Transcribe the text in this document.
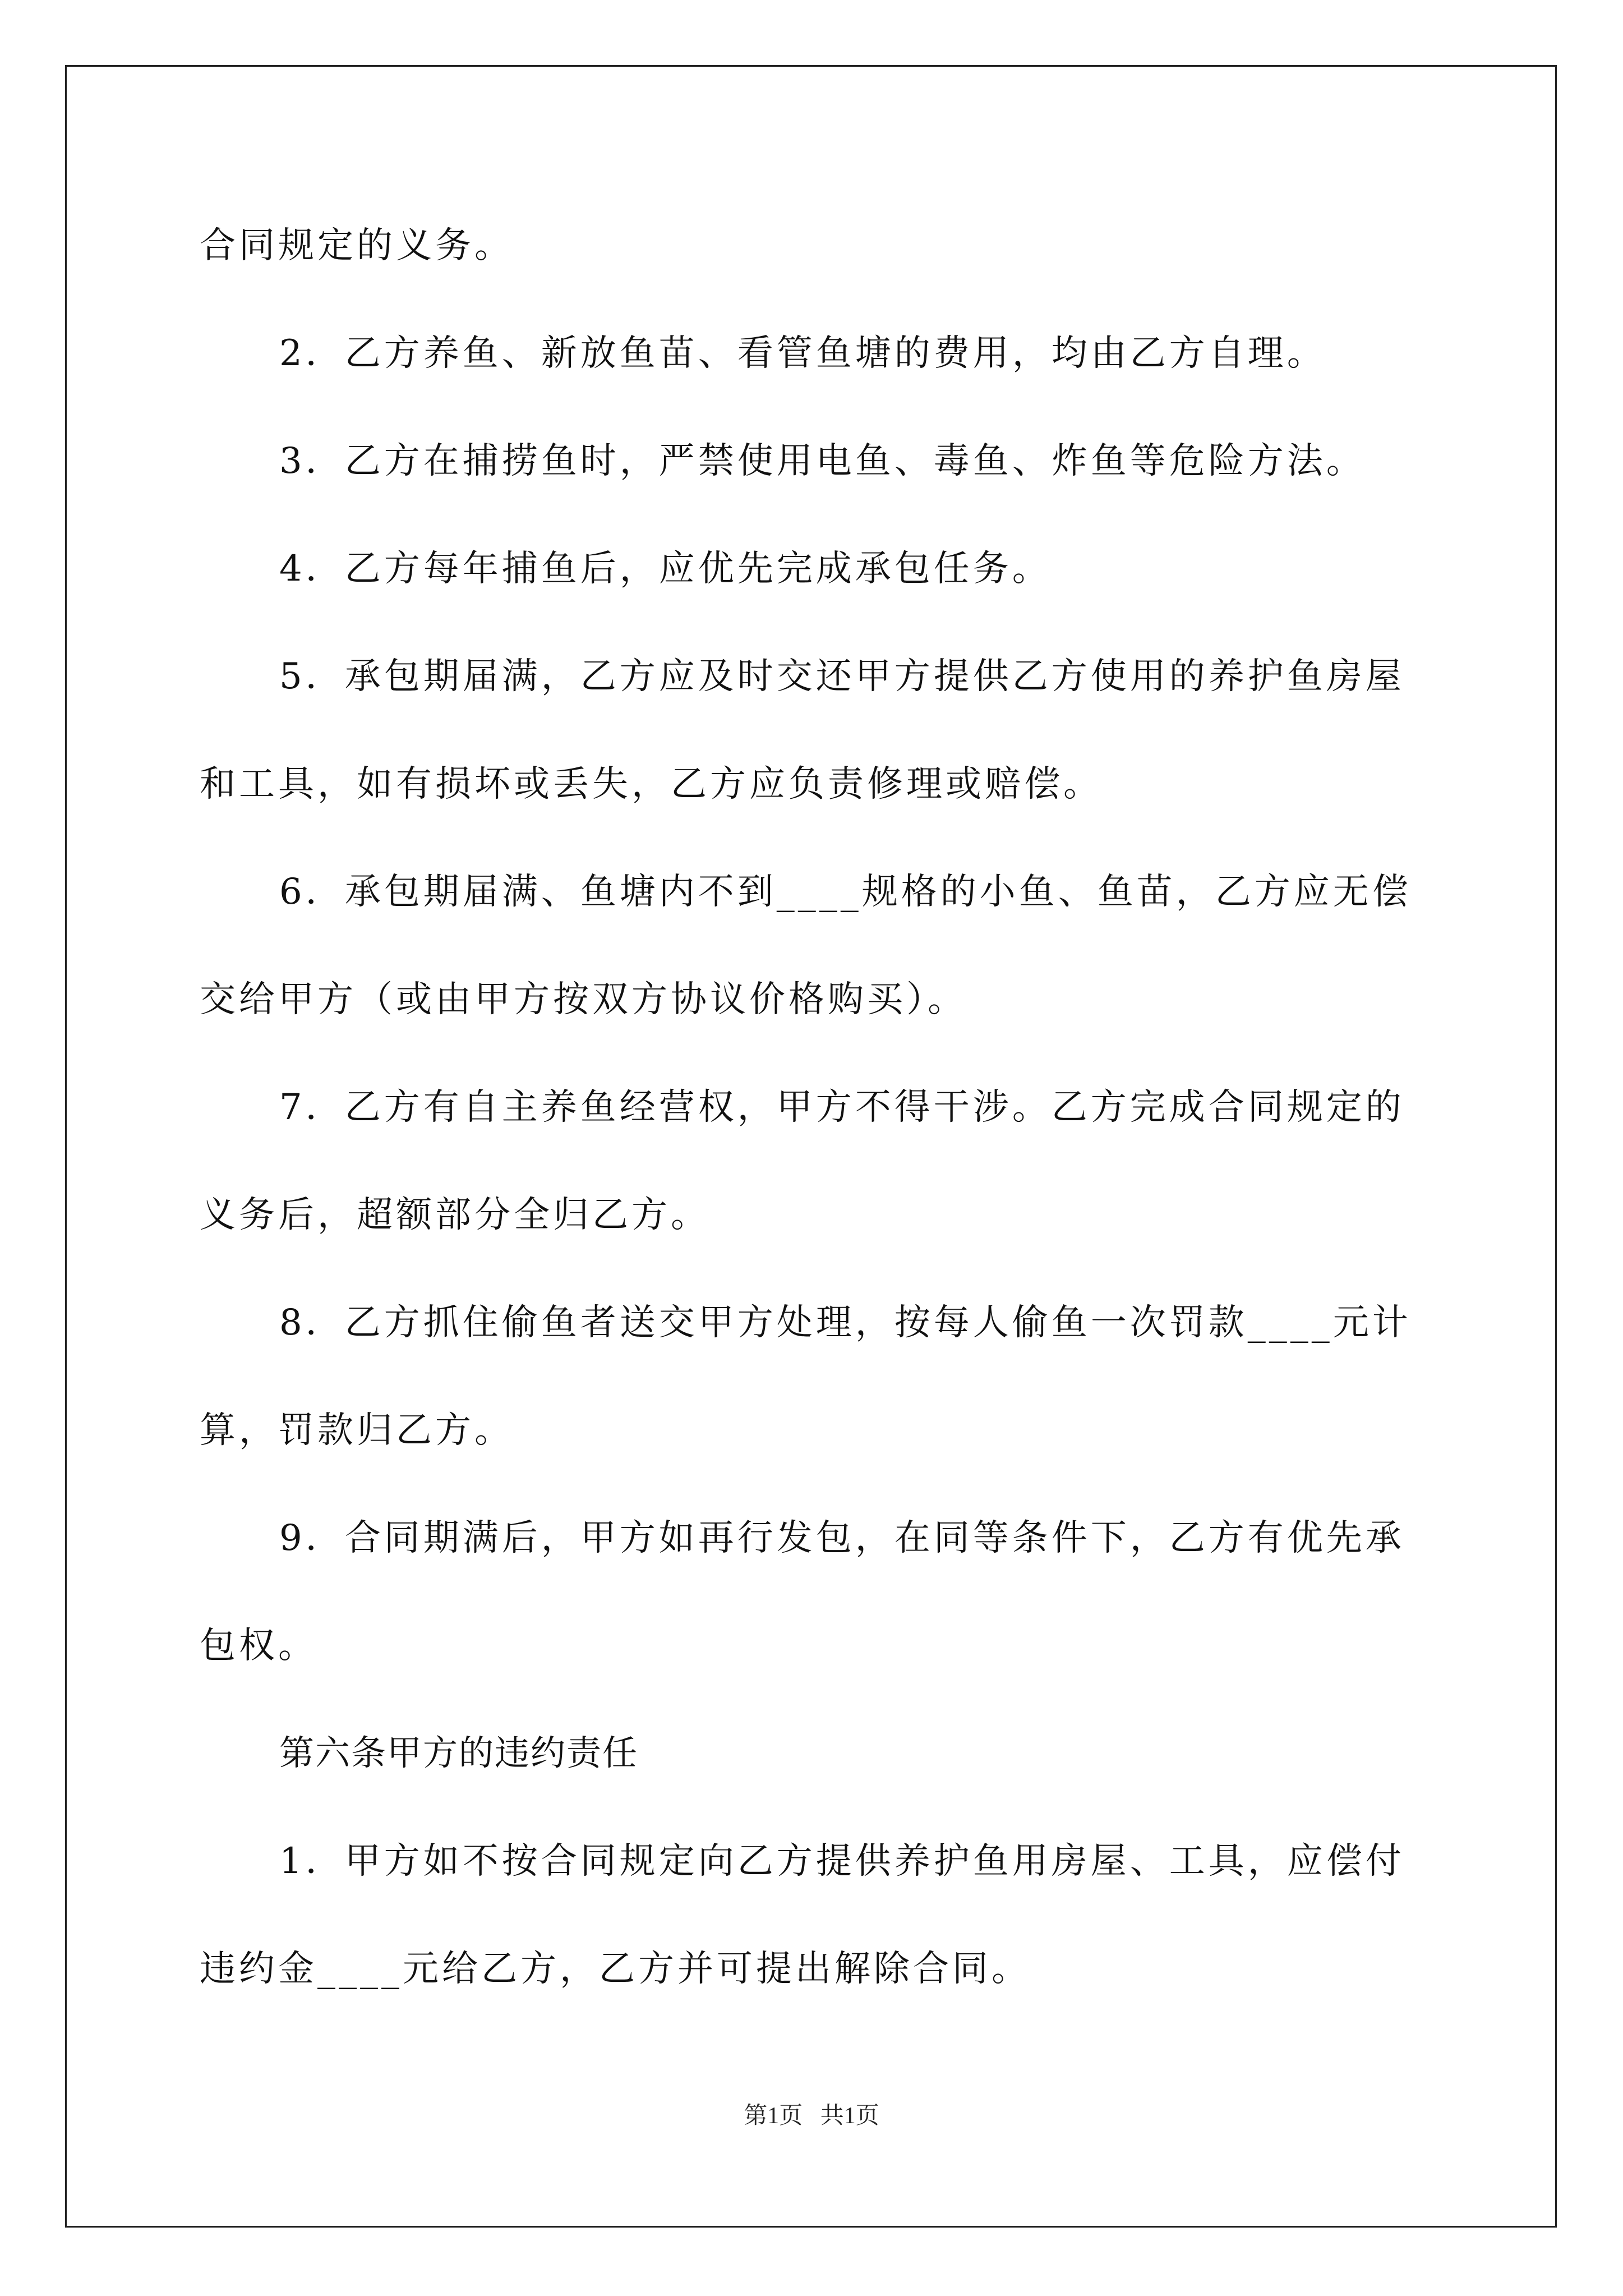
合同规定的义务。
2．乙方养鱼、新放鱼苗、看管鱼塘的费用，均由乙方自理。
3．乙方在捕捞鱼时，严禁使用电鱼、毒鱼、炸鱼等危险方法。
4．乙方每年捕鱼后，应优先完成承包任务。
5．承包期届满，乙方应及时交还甲方提供乙方使用的养护鱼房屋
和工具，如有损坏或丢失，乙方应负责修理或赔偿。
6．承包期届满、鱼塘内不到____规格的小鱼、鱼苗，乙方应无偿
交给甲方（或由甲方按双方协议价格购买）。
7．乙方有自主养鱼经营权，甲方不得干涉。乙方完成合同规定的
义务后，超额部分全归乙方。
8．乙方抓住偷鱼者送交甲方处理，按每人偷鱼一次罚款____元计
算，罚款归乙方。
9．合同期满后，甲方如再行发包，在同等条件下，乙方有优先承
包权。
第六条甲方的违约责任
1．甲方如不按合同规定向乙方提供养护鱼用房屋、工具，应偿付
违约金____元给乙方，乙方并可提出解除合同。
第1页   共1页
